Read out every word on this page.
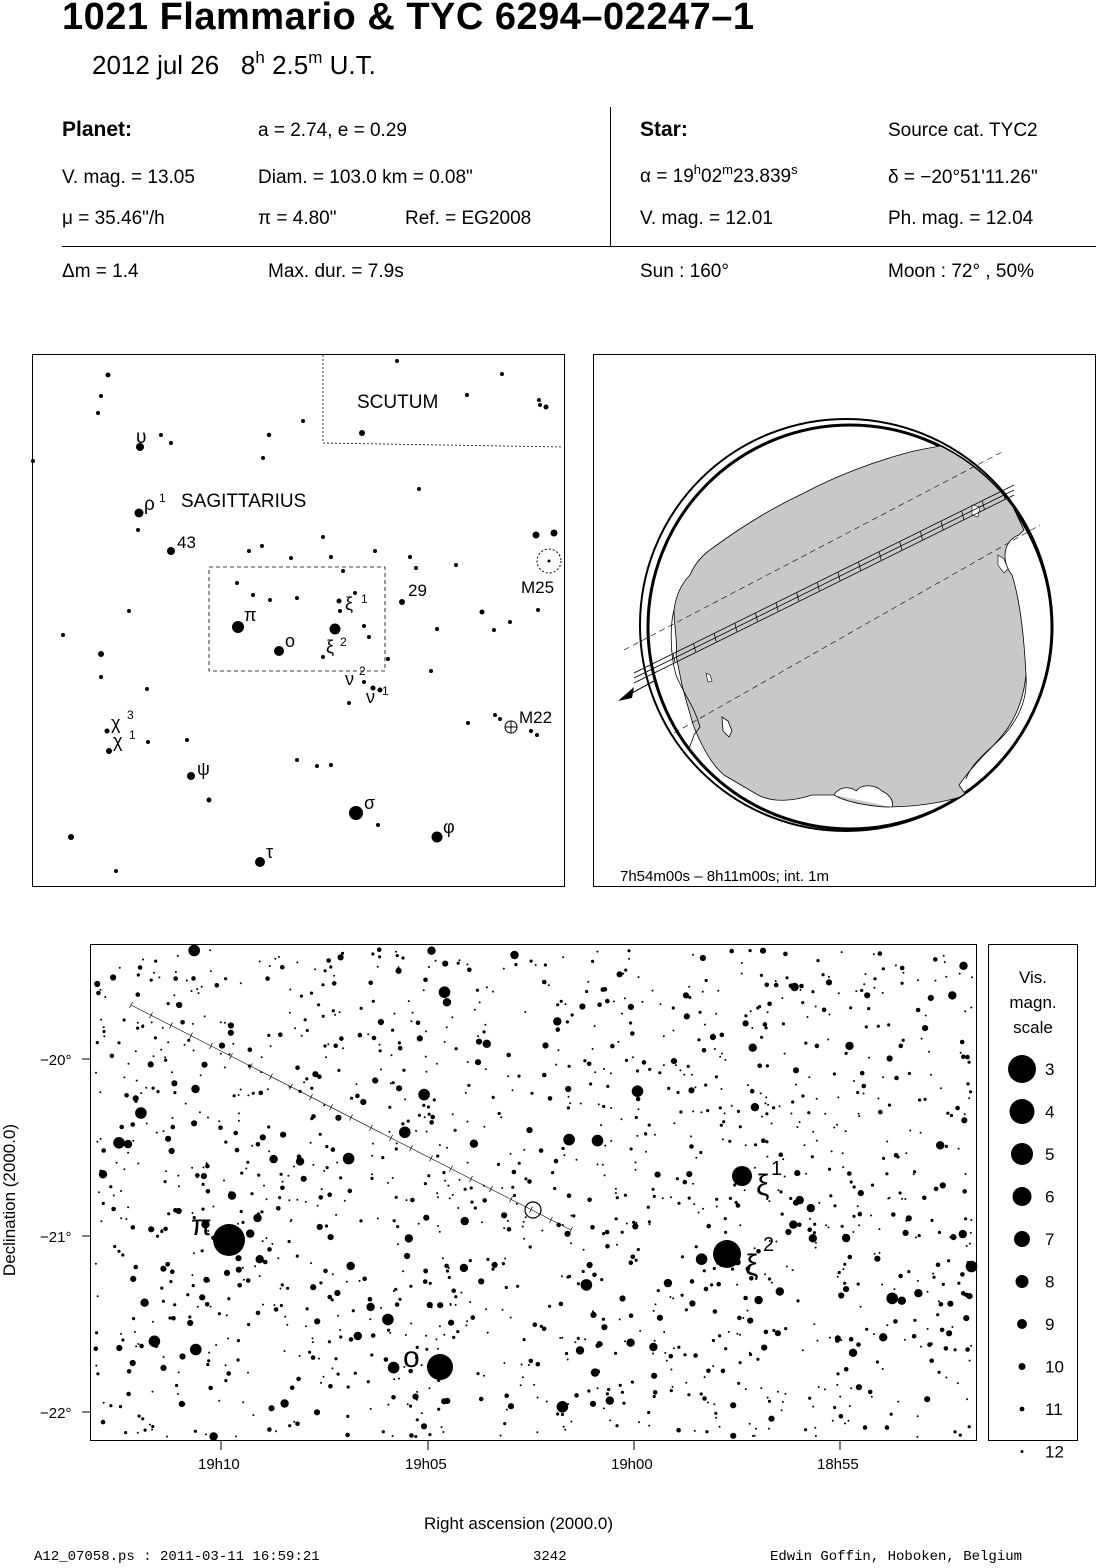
1021 Flammario & TYC 6294–02247–1
2012 jul 26 8$^h$ 2.5$^m$ U.T.
Planet:	a = 2.74, e = 0.29
V. mag. = 13.05	Diam. = 103.0 km = 0.08"
μ = 35.46"/h	π = 4.80"	Ref. = EG2008
Star:	Source cat. TYC2
$\alpha = 19^h02^m23.839^s$	δ = −20°51'11.26"
V. mag. = 12.01	Ph. mag. = 12.04
Δm = 1.4	Max. dur. = 7.9s	Sun : 160°	Moon : 72° , 50%
SCUTUM
SAGITTARIUS
M25
M22
υ
ρ 1
43
ξ 1 29
π
o ξ 2
ν 2
ν 1
χ 3
χ 1
ψ
σ
φ
τ
7h54m00s – 8h11m00s; int. 1m
π
o
ξ 1
ξ
2
−20°
−21°
−22°
19h10	19h05	19h00	18h55
Right ascension (2000.0)
Declination (2000.0)
Vis.
magn.
scale
3
4
5
6
7
8
9
10
11
12
A12_07058.ps : 2011-03-11 16:59:21	3242	Edwin Goffin, Hoboken, Belgium
